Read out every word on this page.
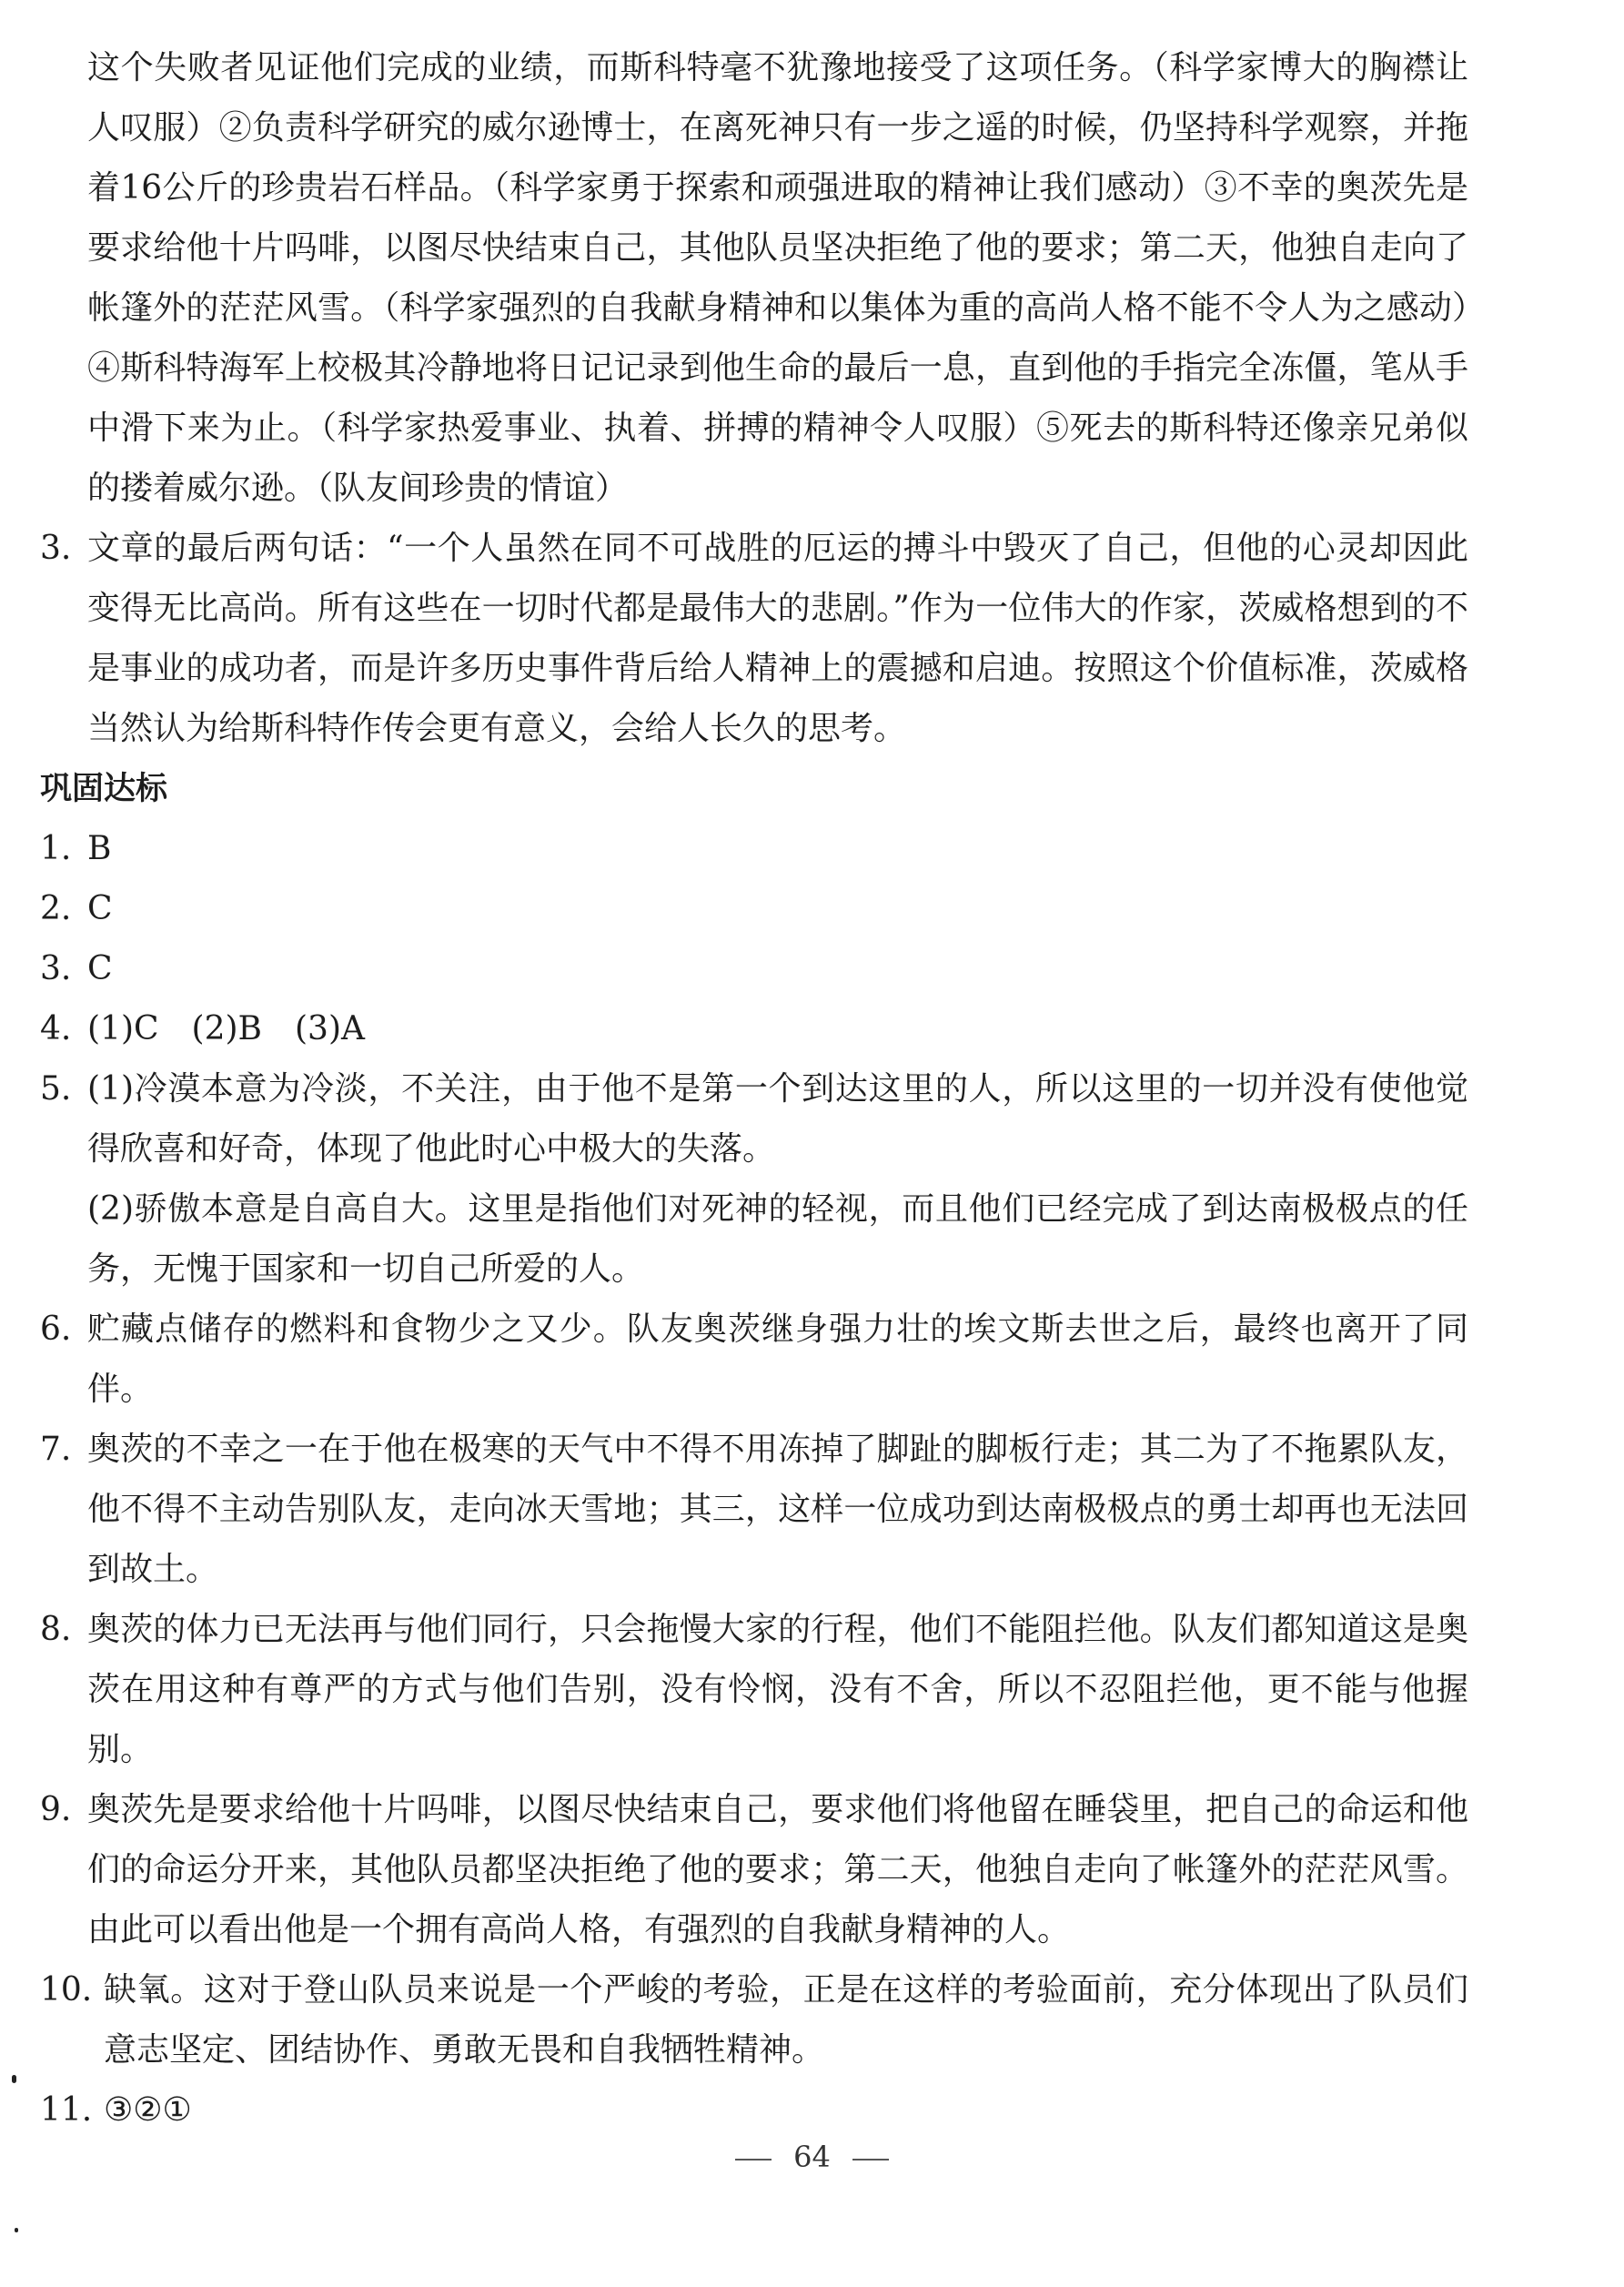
这个失败者见证他们完成的业绩，而斯科特毫不犹豫地接受了这项任务。（科学家博大的胸襟让人叹服）②负责科学研究的威尔逊博士，在离死神只有一步之遥的时候，仍坚持科学观察，并拖着16公斤的珍贵岩石样品。（科学家勇于探索和顽强进取的精神让我们感动）③不幸的奥茨先是要求给他十片吗啡，以图尽快结束自己，其他队员坚决拒绝了他的要求；第二天，他独自走向了帐篷外的茫茫风雪。（科学家强烈的自我献身精神和以集体为重的高尚人格不能不令人为之感动）④斯科特海军上校极其冷静地将日记记录到他生命的最后一息，直到他的手指完全冻僵，笔从手中滑下来为止。（科学家热爱事业、执着、拼搏的精神令人叹服）⑤死去的斯科特还像亲兄弟似的搂着威尔逊。（队友间珍贵的情谊）
3. 文章的最后两句话：“一个人虽然在同不可战胜的厄运的搏斗中毁灭了自己，但他的心灵却因此变得无比高尚。所有这些在一切时代都是最伟大的悲剧。”作为一位伟大的作家，茨威格想到的不是事业的成功者，而是许多历史事件背后给人精神上的震撼和启迪。按照这个价值标准，茨威格当然认为给斯科特作传会更有意义，会给人长久的思考。
巩固达标
1. B
2. C
3. C
4. (1)C　(2)B　(3)A
5. (1)冷漠本意为冷淡，不关注，由于他不是第一个到达这里的人，所以这里的一切并没有使他觉得欣喜和好奇，体现了他此时心中极大的失落。
(2)骄傲本意是自高自大。这里是指他们对死神的轻视，而且他们已经完成了到达南极极点的任务，无愧于国家和一切自己所爱的人。
6. 贮藏点储存的燃料和食物少之又少。队友奥茨继身强力壮的埃文斯去世之后，最终也离开了同伴。
7. 奥茨的不幸之一在于他在极寒的天气中不得不用冻掉了脚趾的脚板行走；其二为了不拖累队友，他不得不主动告别队友，走向冰天雪地；其三，这样一位成功到达南极极点的勇士却再也无法回到故土。
8. 奥茨的体力已无法再与他们同行，只会拖慢大家的行程，他们不能阻拦他。队友们都知道这是奥茨在用这种有尊严的方式与他们告别，没有怜悯，没有不舍，所以不忍阻拦他，更不能与他握别。
9. 奥茨先是要求给他十片吗啡，以图尽快结束自己，要求他们将他留在睡袋里，把自己的命运和他们的命运分开来，其他队员都坚决拒绝了他的要求；第二天，他独自走向了帐篷外的茫茫风雪。由此可以看出他是一个拥有高尚人格，有强烈的自我献身精神的人。
10. 缺氧。这对于登山队员来说是一个严峻的考验，正是在这样的考验面前，充分体现出了队员们意志坚定、团结协作、勇敢无畏和自我牺牲精神。
11. ③②①
64
